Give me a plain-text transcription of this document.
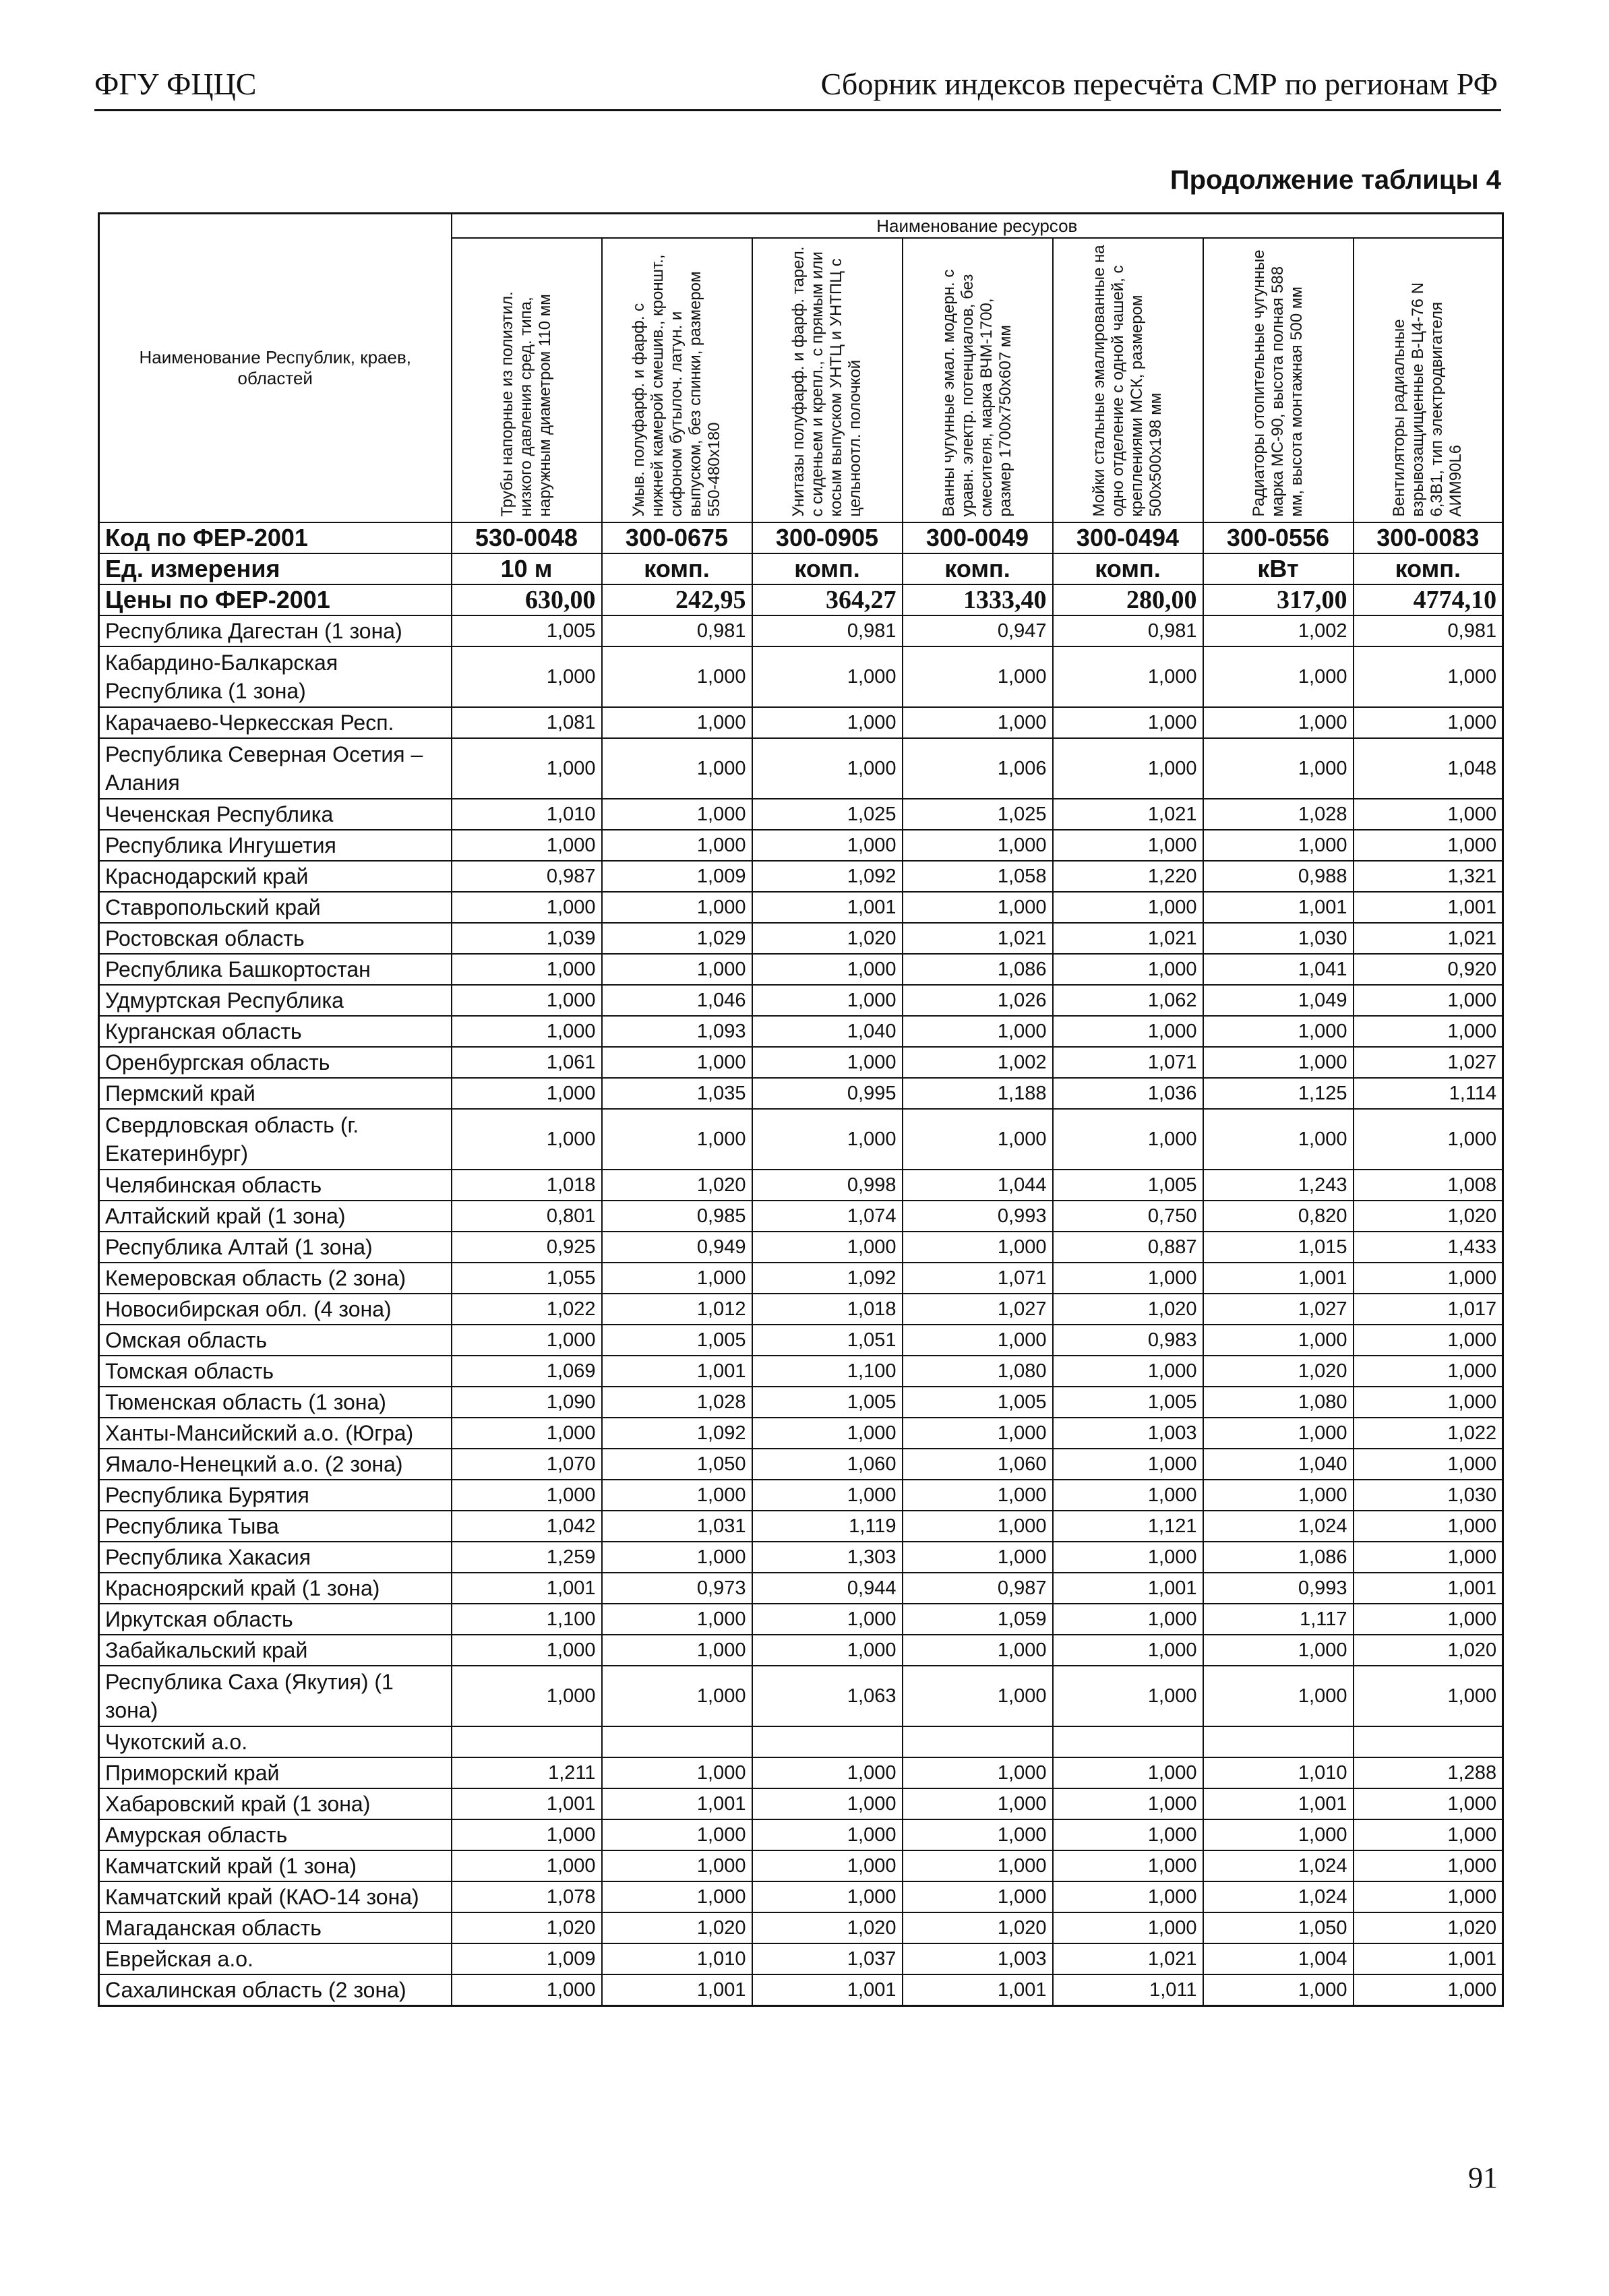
ФГУ ФЦЦС	Сборник индексов пересчёта СМР по регионам РФ
Продолжение таблицы 4
Наименование Республик, краев, областей	Наименование ресурсов						

	Трубы напорные из полиэтил. низкого давления сред. типа, наружным диаметром 110 мм	Умыв. полуфарф. и фарф. с нижней камерой смешив., кроншт., сифоном бутылоч. латун. и выпуском, без спинки, размером 550-480х180	Унитазы полуфарф. и фарф. тарел. с сиденьем и крепл., с прямым или косым выпуском УНТЦ и УНТПЦ с цельноотл. полочкой	Ванны чугунные эмал. модерн. с уравн. электр. потенциалов, без смесителя, марка ВЧМ-1700, размер 1700х750х607 мм	Мойки стальные эмалированные на одно отделение с одной чашей, с креплениями МСК, размером 500х500х198 мм	Радиаторы отопительные чугунные марка МС-90, высота полная 588 мм, высота монтажная 500 мм	Вентиляторы радиальные взрывозащищенные В-Ц4-76 N 6,3В1, тип электродвигателя АИМ90L6

Код по ФЕР-2001	530-0048	300-0675	300-0905	300-0049	300-0494	300-0556	300-0083
Ед. измерения	10 м	комп.	комп.	комп.	комп.	кВт	комп.
Цены по ФЕР-2001	630,00	242,95	364,27	1333,40	280,00	317,00	4774,10
Республика Дагестан (1 зона)	1,005	0,981	0,981	0,947	0,981	1,002	0,981
Кабардино-Балкарская Республика (1 зона)	1,000	1,000	1,000	1,000	1,000	1,000	1,000
Карачаево-Черкесская Респ.	1,081	1,000	1,000	1,000	1,000	1,000	1,000
Республика Северная Осетия – Алания	1,000	1,000	1,000	1,006	1,000	1,000	1,048
Чеченская Республика	1,010	1,000	1,025	1,025	1,021	1,028	1,000
Республика Ингушетия	1,000	1,000	1,000	1,000	1,000	1,000	1,000
Краснодарский край	0,987	1,009	1,092	1,058	1,220	0,988	1,321
Ставропольский край	1,000	1,000	1,001	1,000	1,000	1,001	1,001
Ростовская область	1,039	1,029	1,020	1,021	1,021	1,030	1,021
Республика Башкортостан	1,000	1,000	1,000	1,086	1,000	1,041	0,920
Удмуртская Республика	1,000	1,046	1,000	1,026	1,062	1,049	1,000
Курганская область	1,000	1,093	1,040	1,000	1,000	1,000	1,000
Оренбургская область	1,061	1,000	1,000	1,002	1,071	1,000	1,027
Пермский край	1,000	1,035	0,995	1,188	1,036	1,125	1,114
Свердловская область (г. Екатеринбург)	1,000	1,000	1,000	1,000	1,000	1,000	1,000
Челябинская область	1,018	1,020	0,998	1,044	1,005	1,243	1,008
Алтайский край (1 зона)	0,801	0,985	1,074	0,993	0,750	0,820	1,020
Республика Алтай (1 зона)	0,925	0,949	1,000	1,000	0,887	1,015	1,433
Кемеровская область (2 зона)	1,055	1,000	1,092	1,071	1,000	1,001	1,000
Новосибирская обл. (4 зона)	1,022	1,012	1,018	1,027	1,020	1,027	1,017
Омская область	1,000	1,005	1,051	1,000	0,983	1,000	1,000
Томская область	1,069	1,001	1,100	1,080	1,000	1,020	1,000
Тюменская область (1 зона)	1,090	1,028	1,005	1,005	1,005	1,080	1,000
Ханты-Мансийский а.о. (Югра)	1,000	1,092	1,000	1,000	1,003	1,000	1,022
Ямало-Ненецкий а.о. (2 зона)	1,070	1,050	1,060	1,060	1,000	1,040	1,000
Республика Бурятия	1,000	1,000	1,000	1,000	1,000	1,000	1,030
Республика Тыва	1,042	1,031	1,119	1,000	1,121	1,024	1,000
Республика Хакасия	1,259	1,000	1,303	1,000	1,000	1,086	1,000
Красноярский край (1 зона)	1,001	0,973	0,944	0,987	1,001	0,993	1,001
Иркутская область	1,100	1,000	1,000	1,059	1,000	1,117	1,000
Забайкальский край	1,000	1,000	1,000	1,000	1,000	1,000	1,020
Республика Саха (Якутия) (1 зона)	1,000	1,000	1,063	1,000	1,000	1,000	1,000
Чукотский а.о.							
Приморский край	1,211	1,000	1,000	1,000	1,000	1,010	1,288
Хабаровский край (1 зона)	1,001	1,001	1,000	1,000	1,000	1,001	1,000
Амурская область	1,000	1,000	1,000	1,000	1,000	1,000	1,000
Камчатский край (1 зона)	1,000	1,000	1,000	1,000	1,000	1,024	1,000
Камчатский край (КАО-14 зона)	1,078	1,000	1,000	1,000	1,000	1,024	1,000
Магаданская область	1,020	1,020	1,020	1,020	1,000	1,050	1,020
Еврейская а.о.	1,009	1,010	1,037	1,003	1,021	1,004	1,001
Сахалинская область (2 зона)	1,000	1,001	1,001	1,001	1,011	1,000	1,000
91
